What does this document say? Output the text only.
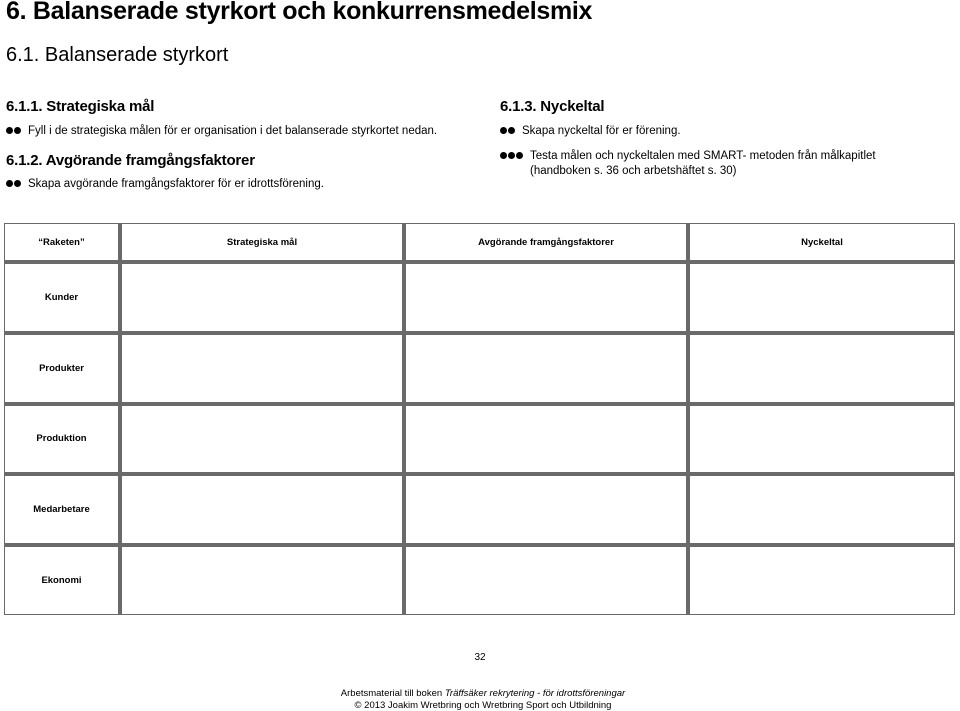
6. Balanserade styrkort och konkurrensmedelsmix
6.1. Balanserade styrkort
6.1.1. Strategiska mål
Fyll i de strategiska målen för er organisation i det balanserade styrkortet nedan.
6.1.2. Avgörande framgångsfaktorer
Skapa avgörande framgångsfaktorer för er idrottsförening.
6.1.3. Nyckeltal
Skapa nyckeltal för er förening.
Testa målen och nyckeltalen med SMART- metoden från målkapitlet
(handboken s. 36 och arbetshäftet s. 30)
“Raketen”	Strategiska mål	Avgörande framgångsfaktorer	Nyckeltal
Kunder
Produkter
Produktion
Medarbetare
Ekonomi
32
Arbetsmaterial till boken Träffsäker rekrytering - för idrottsföreningar
© 2013 Joakim Wretbring och Wretbring Sport och Utbildning
